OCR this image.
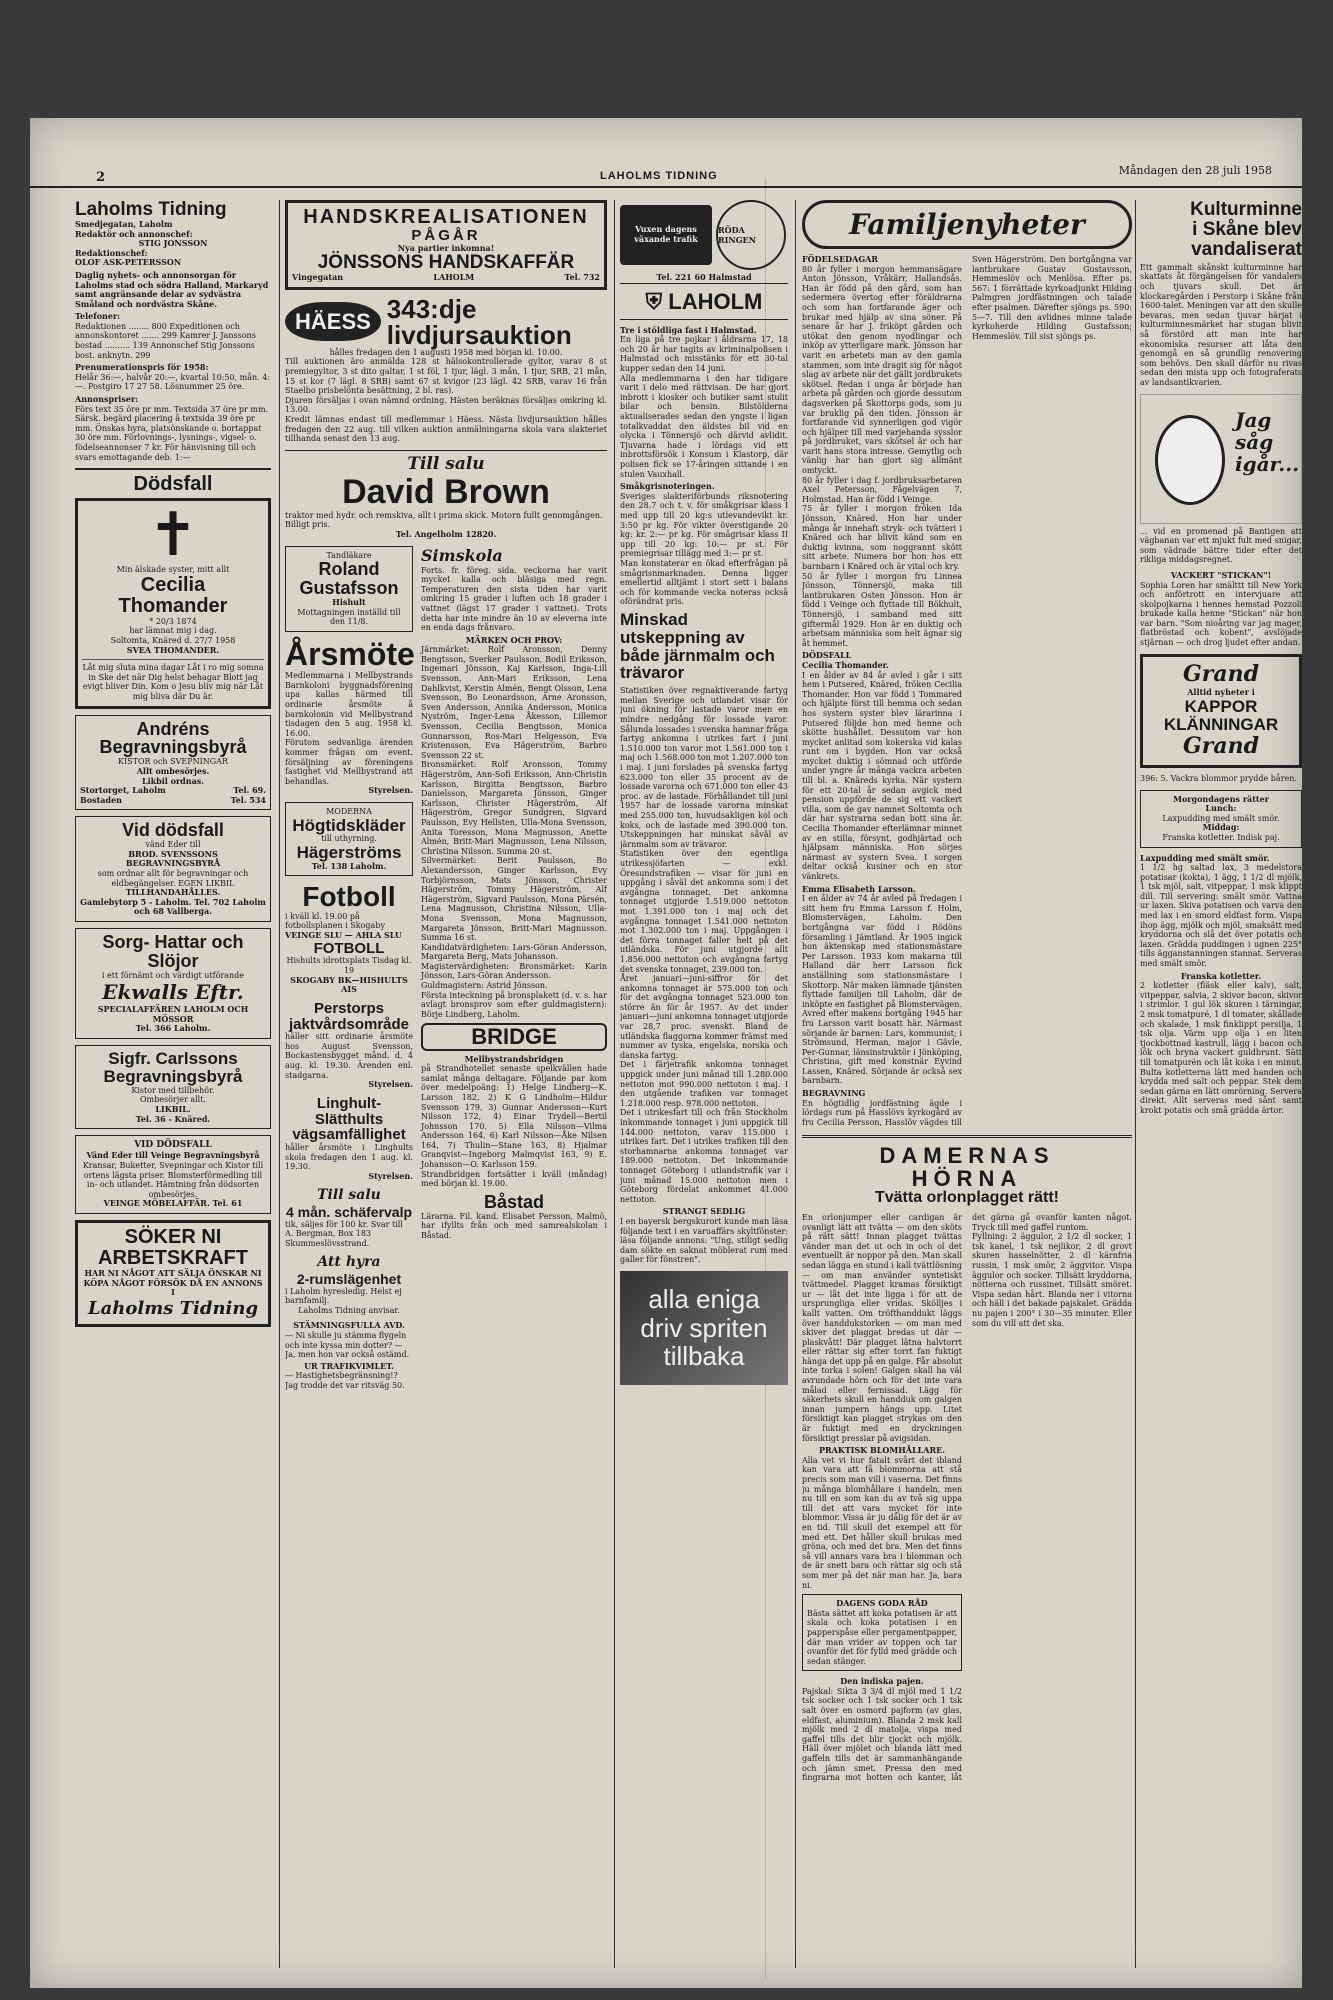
2	LAHOLMS TIDNING	Måndagen den 28 juli 1958
Laholms Tidning
Smedjegatan, Laholm
Redaktör och annonschef:
STIG JONSSON
Redaktionschef:
OLOF ASK-PETERSSON
Daglig nyhets- och annonsorgan för Laholms stad och södra Halland, Markaryd samt angränsande delar av sydvästra Småland och nordvästra Skåne.
Telefoner:
Redaktionen ........ 800 Expeditionen och annonskontoret ....... 299 Kamrer J. Janssons bostad .......... 139 Annonschef Stig Jonssons bost. anknytn. 299
Prenumerationspris för 1958:
Helår 36:—, halvår 20:—, kvartal 10:50, mån. 4:—. Postgiro 17 27 58. Lösnummer 25 öre.
Annonspriser:
Förs text 35 öre pr mm. Textsida 37 öre pr mm. Särsk. begärd placering å textsida 39 öre pr mm. Önskas hyra, platsönskande o. bortappat 30 öre mm. Förlovnings-, lysnings-, vigsel- o. födelseannonser 7 kr. För hänvisning till och svars emottagande deb. 1:—
Dödsfall
✝
Min älskade syster, mitt allt
Cecilia
Thomander
* 20/3 1874
har lämnat mig i dag.
Soltomta, Knäred d. 27/7 1958
SVEA THOMANDER.
Låt mig sluta mina dagar Låt i ro mig somna in Ske det när Dig helst behagar Blott jag evigt bliver Din. Kom o Jesu bliv mig när Låt mig bliva där Du är.
Andréns Begravningsbyrå
KISTOR och SVEPNINGAR
Allt ombesörjes.
Likbil ordnas.
Stortorget, Laholm	Tel. 69.
Bostaden	Tel. 534
Vid dödsfall
vänd Eder till
BROD. SVENSSONS BEGRAVNINGSBYRÅ
som ordnar allt för begravningar och eldbegängelser. EGEN LIKBIL
TILLHANDAHÅLLES.
Gamlebytorp 5 - Laholm. Tel. 702 Laholm och 68 Vallberga.
Sorg- Hattar och Slöjor
i ett förnämt och värdigt utförande
Ekwalls Eftr.
SPECIALAFFÄREN LAHOLM OCH MÖSSOR
Tel. 366 Laholm.
Sigfr. Carlssons Begravningsbyrå
Kistor med tillbehör.
Ombesörjer allt.
LIKBIL.
Tel. 36 - Knäred.
VID DÖDSFALL
Vänd Eder till Veinge Begravningsbyrå
Kransar, Buketter, Svepningar och Kistor till ortens lägsta priser. Blomsterförmedling till in- och utlandet. Hämtning från dödsorten ombesörjes.
VEINGE MÖBELAFFÄR. Tel. 61
SÖKER NI ARBETSKRAFT
HAR NI NÅGOT ATT SÄLJA ÖNSKAR NI KÖPA NÅGOT FÖRSÖK DÅ EN ANNONS I
Laholms Tidning
HANDSKREALISATIONEN
PÅGÅR
Nya partier inkomna!
JÖNSSONS HANDSKAFFÄR
Vingegatan	LAHOLM	Tel. 732
HÄESS 343:dje livdjursauktion
hålles fredagen den 1 augusti 1958 med början kl. 10.00.
Till auktionen äro anmälda 128 st hälsokontrollerade gyltor, varav 8 st premiegyltor, 3 st dito galtar, 1 st föl, 1 tjur, lägl. 3 mån, 1 tjur, SRB, 21 mån, 15 st kor (7 lägl. 8 SRB) samt 67 st kvigor (23 lägl. 42 SRB, varav 16 från Staelbo prisbelönta besättning, 2 bl. ras).
Djuren försäljas i ovan nämnd ordning. Hästen beräknas försäljas omkring kl. 13.00.
Kredit lämnas endast till medlemmar i Häess. Nästa livdjursauktion hålles fredagen den 22 aug. till vilken auktion anmälningarna skola vara slakteriet tillhanda senast den 13 aug.
Till salu
David Brown
traktor med hydr. och remskiva, allt i prima skick. Motorn fullt genomgången. Billigt pris.
Tel. Angelholm 12820.
Tandläkare
Roland Gustafsson
Hishult
Mottagningen inställd till den 11/8.
Årsmöte
Medlemmarna i Mellbystrands Barnkoloni byggnadsförening upa kallas härmed till ordinarie årsmöte å barnkolonin vid Mellbystrand tisdagen den 5 aug. 1958 kl. 16.00.
Förutom sedvanliga ärenden kommer frågan om event. försäljning av föreningens fastighet vid Mellbystrand att behandlas.
Styrelsen.
MODERNA
Högtidskläder
till uthyrning.
Hägerströms
Tel. 138 Laholm.
Fotboll
i kväll kl. 19.00 på fotbollsplanen i Skogaby
VEINGE SLU — AHLA SLU
FOTBOLL
Hishults idrottsplats Tisdag kl. 19
SKOGABY BK—HISHULTS AIS
Perstorps jaktvårdsområde
håller sitt ordinarie årsmöte hos August Svensson, Bockastensbygget månd. d. 4 aug. kl. 19.30. Ärenden enl. stadgarna.
Styrelsen.
Linghult-Slätthults vägsamfällighet
håller årsmöte i Linghults skola fredagen den 1 aug. kl. 19.30.
Styrelsen.
Till salu
4 mån. schäfervalp
tik, säljes för 100 kr. Svar till A. Bergman, Box 183 Skummeslövsstrand.
Att hyra
2-rumslägenhet
i Laholm hyresledig. Helst ej barnfamilj.
Laholms Tidning anvisar.
STÄMNINGSFULLA AVD.
— Ni skulle ju stämma flygeln och inte kyssa min dotter? — Ja, men hon var också ostämd.
UR TRAFIKVIMLET.
— Hastighetsbegränsning!? Jag trodde det var ritsväg 50.
Simskola
Forts. fr. föreg. sida. veckorna har varit mycket kalla och bläsiga med regn. Temperaturen den sista tiden har varit omkring 15 grader i luften och 18 grader i vattnet (lägst 17 grader i vattnet). Trots detta har inte mindre än 10 av eleverna inte en enda dags frånvaro.
MÄRKEN OCH PROV:
Järnmärket: Rolf Aronsson, Denny Bengtsson, Sverker Paulsson, Bodil Eriksson, Ingemari Jönsson, Kaj Karlsson, Inga-Lill Svensson, Ann-Mari Eriksson, Lena Dahlkvist, Kerstin Almén, Bengt Olsson, Lena Svensson, Bo Leonardsson, Arne Aronsson, Sven Andersson, Annika Andersson, Monica Nyström, Inger-Lena Åkesson, Lillemor Svensson, Cecilia Bengtsson, Monica Gunnarsson, Ros-Mari Helgesson, Eva Kristensson, Eva Hägerström, Barbro Svensson 22 st.
Bronsmärket: Rolf Aronsson, Tommy Hägerström, Ann-Sofi Eriksson, Ann-Christin Karlsson, Birgitta Bengtsson, Barbro Danielsson, Margareta Jönsson, Ginger Karlsson, Christer Hägerström, Alf Hägerström, Gregor Sundgren, Sigvard Paulsson, Evy Hellsten, Ulla-Mona Svensson, Anita Toresson, Mona Magnusson, Anette Almén, Britt-Mari Magnusson, Lena Nilsson, Christina Nilsson. Summa 20 st.
Silvermärket: Berit Paulsson, Bo Alexandersson, Ginger Karlsson, Evy Torbjörnsson, Mats Jönsson, Christer Hägerström, Tommy Hägerström, Alf Hägerström, Sigvard Paulsson, Mona Pärsén, Lena Magnusson, Christina Nilsson, Ulla-Mona Svensson, Mona Magnusson, Margareta Jönsson, Britt-Mari Magnusson. Summa 16 st.
Kandidatvärdigheten: Lars-Göran Andersson, Margareta Berg, Mats Johansson.
Magistervärdigheten: Bronsmärket: Karin Jönsson, Lars-Göran Andersson.
Guldmagistern: Astrid Jönsson.
Första inteckning på bronsplakett (d. v. s. har avlagt bronsprov som efter guldmagistern): Börje Lindberg, Laholm.
BRIDGE
Mellbystrandsbridgen
på Strandhotellet senaste spelkvällen hade samlat många deltagare. Följande par kom över medelpoäng: 1) Helge Lindberg—K. Larsson 182, 2) K G Lindholm—Hildur Svensson 179, 3) Gunnar Andersson—Kurt Nilsson 172, 4) Einar Trydell—Bertil Johnsson 170. 5) Ella Nilsson—Vilma Andersson 164, 6) Karl Nilsson—Åke Nilsen 164, 7) Thulin—Stane 163, 8) Hjalmar Granqvist—Ingeborg Malmqvist 163, 9) E. Johansson—O. Karlsson 159.
Strandbridgen fortsätter i kväll (måndag) med början kl. 19.00.
Båstad
Lärarna. Fil. kand. Elisabet Persson, Malmö, har ifyllts från och med samrealskolan i Båstad.
Vuxen dagens växande trafik
RÖDA RINGEN
Tel. 221 60 Halmstad
⛨ LAHOLM
Tre i stöldliga fast i Halmstad.
En liga på tre pojkar i åldrarna 17, 18 och 20 år har tagits av kriminalpolisen i Halmstad och misstänks för ett 30-tal kupper sedan den 14 juni.
Alla medlemmarna i den har tidigare varit i delo med rättvisan. De har gjort inbrott i kiosker och butiker samt stulit bilar och bensin. Bilstölderna aktualiserades sedan den yngste i ligan totalkvaddat den äldstes bil vid en olycka i Tönnersjö och därvid avlidit. Tjuvarna hade i lördags vid ett inbrottsförsök i Konsum i Klastorp, där polisen fick se 17-åringen sittande i en stulen Vauxhall.
Småkgrisnoteringen.
Sveriges slakteriförbunds riksnotering den 28.7 och t. v. för småkgrisar klass I med upp till 20 kg:s utlevandevikt kr. 3:50 pr kg. För vikter överstigande 20 kg: kr. 2:— pr kg. För smågrisar klass II upp till 20 kg: 10:— pr st. För premiegrisar tillägg med 3:— pr st.
Man konstaterar en ökad efterfrågan på smågrisnmarknaden. Denna ligger emellertid alltjämt i stort sett i balans och för kommande vecka noteras också oförändrat pris.
Minskad utskeppning av både järnmalm och trävaror
Statistiken över regnaktiverande fartyg mellan Sverige och utlandet visar för juni ökning för lastade varor men en mindre nedgång för lossade varor. Sålunda lossades i svenska hamnar fråga fartyg ankomna i utrikes fart i juni 1.510.000 ton varor mot 1.561.000 ton i maj och 1.568.000 ton mot 1.207.000 ton i maj. I juni forslades på svenska fartyg 623.000 ton eller 35 procent av de lossade varorna och 671.000 ton eller 43 proc. av de lastade. Förhållandet till juni 1957 har de lossade varorna minskat med 255.000 ton, huvudsakligen kol och koks, och de lastade med 390.000 ton. Utskeppningen har minskat såväl av järnmalm som av trävaror.
Statistiken över den egentliga utrikessjöfarten — exkl. Öresundstrafiken — visar för juni en uppgång i såväl det ankomna som i det avgångna tonnaget. Det ankomna tonnaget utgjorde 1.519.000 nettoton mot 1.391.000 ton i maj och det avgångna tonnaget 1.541.000 nettoton mot 1.302.000 ton i maj. Uppgången i det förra tonnaget faller helt på det utländska. För juni utgjorde allt 1.856.000 nettoton och avgångna fartyg det svenska tonnaget, 239.000 ton.
Året januari—juni-siffror för det ankomna tonnaget är 575.000 ton och för det avgångna tonnaget 523.000 ton större än för år 1957. Av det under januari—juni ankomna tonnaget utgjorde var 28,7 proc. svenskt. Bland de utländska flaggorna kommer främst med nummer av tyska, engelska, norska och danska fartyg.
Det i färjetrafik ankomna tonnaget uppgick under juni månad till 1.280.000 nettoton mot 990.000 nettoton i maj. I den utgående trafiken var tonnaget 1.218.000 resp. 978.000 nettoton.
Det i utrikesfart till och från Stockholm inkommande tonnaget i juni uppgick till 144.000 nettoton, varav 115.000 i utrikes fart. Det i utrikes trafiken till den storhamnarna ankomna tonnaget var 189.000 nettoton. Det inkommande tonnaget Göteborg i utlandstrafik var i juni månad 15.000 nettoton men i Göteborg fördelat ankommet 41.000 nettoton.
STRANGT SEDLIG
I en bayersk bergskurort kunde man läsa följande text i en varuaffärs skyltfönster: läsa följande annons: "Ung, stiligt sedlig dam sökte en saknat möblerat rum med galler för fönstren".
alla eniga driv spriten tillbaka
Familjenyheter
FÖDELSEDAGAR
80 år fyller i morgon hemmansägare Anton Jönsson, Vråkärr, Hallandsås. Han är född på den gård, som han sedermera övertog efter föräldrarna och som han fortfarande äger och brukar med hjälp av sina söner. På senare år har J. friköpt gården och utökat den genom nyodlingar och inköp av ytterligare mark. Jönsson har varit en arbetets man av den gamla stammen, som inte dragit sig för något slag av arbete när det gällt jordbrukets skötsel. Redan i unga år började han arbeta på gården och gjorde dessutom dagsverken på Skottorps gods, som ju var bruklig på den tiden. Jönsson är fortfarande vid synnerligen god vigör och hjälper till med varjehanda sysslor på jordbruket, vars skötsel är och har varit hans stora intresse. Gemytlig och vänlig har han gjort sig allmänt omtyckt.
80 år fyller i dag f. jordbruksarbetaren Axel Petersson, Fågelvägen 7, Holmstad. Han är född i Veinge.
75 år fyller i morgon fröken Ida Jönsson, Knäred. Hon har under många år innehaft stryk- och tvätteri i Knäred och har blivit känd som en duktig kvinna, som noggrannt skött sitt arbete. Numera bor hon hos ett barnbarn i Knäred och är vital och kry.
50 år fyller i morgon fru Linnea Jönsson, Tönnersjö, maka till lantbrukaren Osten Jönsson. Hon är född i Veinge och flyttade till Bökhult, Tönnersjö, i samband med sitt giftermål 1929. Hon är en duktig och arbetsam människa som helt ägnar sig åt hemmet.
DÖDSFALL
Cecilia Thomander.
I en ålder av 84 år avled i går i sitt hem i Putsered, Knäred, fröken Cecilia Thomander. Hon var född i Tommared och hjälpte först till hemma och sedan hos systern syster blev lärarinna i Putsered följde hon med henne och skötte hushållet. Dessutom var hon mycket anlitad som kokerska vid kalas runt om i bygden. Hon var också mycket duktig i sömnad och utförde under yngre år många vackra arbeten till bl. a. Knäreds kyrka. När systern för ett 20-tal år sedan avgick med pension uppförde de sig ett vackert villa, som de gav namnet Soltomta och där har systrarna sedan bott sina år. Cecilia Thomander efterlämnar minnet av en stilla, försynt, godhjärtad och hjälpsam människa. Hon sörjes närmast av systern Svea. I sorgen deltar också kusiner och en stor vänkrets.
Emma Elisabeth Larsson.
I en ålder av 74 år avled på fredagen i sitt hem fru Emma Larsson f. Holm, Blomstervägen, Laholm. Den bortgångna var född i Rödöns församling i Jämtland. År 1905 ingick hon äktenskap med stationsmästare Per Larsson. 1933 kom makarna till Halland där herr Larsson fick anställning som stationsmästare i Skottorp. När maken lämnade tjänsten flyttade familjen till Laholm, där de inköpte en fastighet på Blomstervägen. Avred efter makens bortgång 1945 har fru Larsson varit bosatt här. Närmast sörjande är barnen: Lars, kommunist; i Strömsund, Herman, major i Gävle, Per-Gunnar, länsinstruktör i Jönköping, Christina, gift med konstnär Eyvind Lassen, Knäred. Sörjande är också sex barnbarn.
BEGRAVNING
En högtidlig jordfästning ägde i lördags rum på Hasslövs kyrkogård av fru Cecilia Persson, Hasslöv vägdes till Sven Hägerström. Den bortgångna var lantbrukare Gustav Gustavsson, Hemmeslöv och Menlösa. Efter ps. 567: 1 förrättade kyrkoadjunkt Hilding Palmgren jordfästningen och talade efter psalmen. Därefter sjöngs ps. 590: 5—7. Till den avlidnes minne talade kyrkoherde Hilding Gustafsson; Hemmeslöv. Till sist sjöngs ps.
DAMERNAS
HÖRNA
Tvätta orlonplagget rätt!
En orlonjumper eller cardigan är ovanligt lätt att tvätta — om den sköts på rätt sätt! Innan plagget tvättas vänder man det ut och in och ol det eventuellt är noppor på den. Man skall sedan lägga en stund i kall tvättlösning — om man använder syntetiskt tvättmedel. Plagget kramas försiktigt ur — låt det inte ligga i för att de ursprungliga eller vridas. Skölljes i kallt vatten. Om tröfthanddukt läggs över handdukstorken — om man med skiver det plaggat bredas ut där — plaskvått! Där plagget lätna halvtorrt eller rättar sig efter torrt fan fuktigt hänga det upp på en galge. Får absolut inte torka i solen! Galgen skall ha väl avrundade hörn och för det inte vara målad eller fernissad. Lägg för säkerhets skull en handduk om galgen innan jumpern hängs upp. Litet försiktigt kan plagget strykas om den är fuktigt med en dryckningen försiktigt pressiar på avigsidan.
PRAKTISK BLOMHÅLLARE.
Alla vet vi hur fatalt svårt det ibland kan vara att få blommorna att stå precis som man vill i vaserna. Det finns ju många blomhållare i handeln, men nu till en som kan du av två sig uppa till det att vara mycket för inte blommor. Vissa är ju dålig för det är av en tid. Till skull det exempel att för med ett. Det håller skull brukas med gröna, och med det bra. Men det finns så vill annars vara bra i blomman och de är snett bara och rättar sig och stå som mer på det när man har. Ja, bara ni.
DAGENS GODA RÅD
Bästa sättet att koka potatisen är att skala och koka potatisen i en papperspåse eller pergamentpapper, där man vrider av toppen och tar ovanför det för fylld med grädde och sedan stänger.
Den indiska pajen.
Pajskal: Sikta 3 3/4 dl mjöl med 1 1/2 tsk socker och 1 tsk socker och 1 tsk salt över en osmord pajform (av glas, eldfast, aluminium). Blanda 2 msk kall mjölk med 2 dl matolja, vispa med gaffel tills det blir tjockt och mjölk. Häll över mjölet och blanda lätt med gaffeln tills det är sammanhängande och jämn smet. Pressa den med fingrarna mot botten och kanter, låt det gärna gå ovanför kanten något. Tryck till med gaffel runtom.
Fyllning: 2 äggulor, 2 1/2 dl socker, 1 tsk kanel, 1 tsk nejlikor, 2 dl grovt skuren hasselnötter, 2 dl kärnfria russin, 1 msk smör, 2 äggvitor. Vispa äggulor och socker. Tillsätt kryddorna, nötterna och russinet. Tillsätt smöret. Vispa sedan hårt. Blanda ner i vitorna och häll i det bakade pajskalet. Grädda nu pajen i 200° i 30—35 minuter. Eller som du vill att det ska.
Kulturminne
i Skåne blev
vandaliserat
Ett gammalt skånskt kulturminne har skattats åt förgängelsen för vandalers och tjuvars skull. Det är klockaregården i Perstorp i Skåne från 1600-talet. Meningen var att den skulle bevaras, men sedan tjuvar härjat i kulturminnesmärket har stugan blivit så förstörd att man inte har ekonomiska resurser att låta den genomgå en så grundlig renovering som behövs. Den skall därför nu rivas sedan den mista upp och fotograferats av landsantikvarien.
Jag såg igår...
... vid en promenad på Bantigen att vägbanan var ett mjukt fult med snigar, som vädrade bättre tider efter det rikliga middagsregnet.
VACKERT "STICKAN"!
Sophia Loren har smälttt till New York och anförtrott en intervjuare att skolpojkarna i hennes hemstad Pozzoli brukade kalla henne "Stickan" när hon var barn. "Som nioåring var jag mager, flatbröstad och kobent", avslöjade stjärnan — och drog ljudet efter andan.
Grand
Alltid nyheter i
KAPPOR
KLÄNNINGAR
Grand
396: 5. Vackra blommor prydde båren.
Morgondagens rätter
Lunch:
Laxpudding med smält smör.
Middag:
Franska kotletter. Indisk paj.
Laxpudding med smält smör.
1 1/2 hg saltad lax, 3 medelstora potatisar (kokta), 1 ägg, 1 1/2 dl mjölk, 1 tsk mjöl, salt, vitpeppar, 1 msk klippt dill. Till servering: smält smör. Vattna ur laxen. Skiva potatisen och varva den med lax i en smord eldfast form. Vispa ihop ägg, mjölk och mjöl, smaksätt med kryddorna och slå det över potatis och laxen. Grädda puddingen i ugnen 225° tills ägganstanningen stannat. Serveras med smält smör.
Franska kotletter.
2 kotletter (fläsk eller kalv), salt, vitpeppar, salvia, 2 skivor bacon, skivor i strimlor. 1 gul lök skuren i tärningar, 2 msk tomatpuré, 1 dl tomater, skållade och skalade, 1 msk finklippt persilja, 1 tsk olja. Värm upp olja i en liten tjockbottnad kastrull, lägg i bacon och lök och bryna vackert guldbrunt. Sätt till tomatpurén och låt koka i en minut. Bulta kotletterna lätt med handen och krydda med salt och peppar. Stek dem sedan gärna en lätt omrörning. Servera direkt. Allt serveras med sånt samt krokt potatis och små grädda ärtor.
